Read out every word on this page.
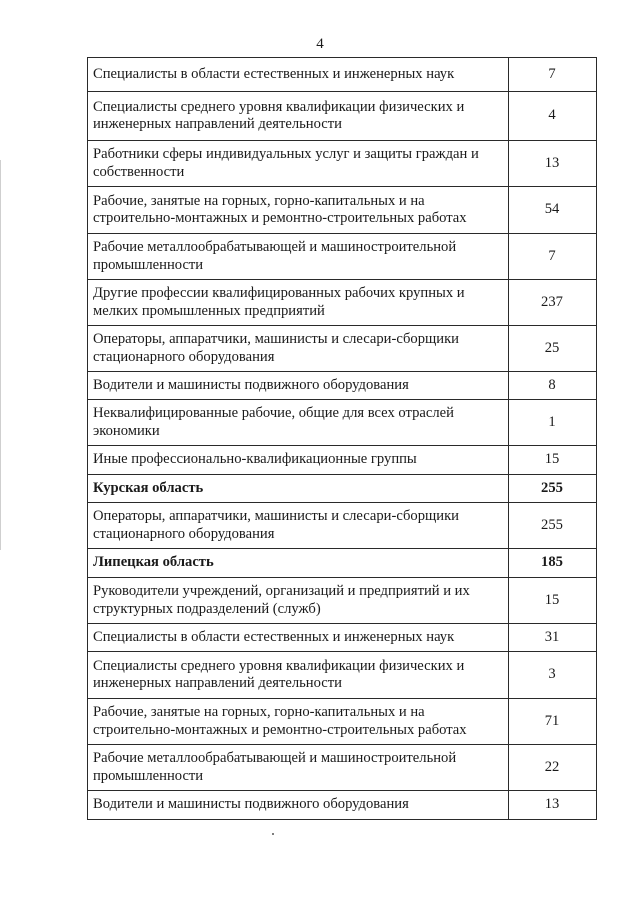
4
Специалисты в области естественных и инженерных наук	7
Специалисты среднего уровня квалификации физических и инженерных направлений деятельности	4
Работники сферы индивидуальных услуг и защиты граждан и собственности	13
Рабочие, занятые на горных, горно-капитальных и на строительно-монтажных и ремонтно-строительных работах	54
Рабочие металлообрабатывающей и машиностроительной промышленности	7
Другие профессии квалифицированных рабочих крупных и мелких промышленных предприятий	237
Операторы, аппаратчики, машинисты и слесари-сборщики стационарного оборудования	25
Водители и машинисты подвижного оборудования	8
Неквалифицированные рабочие, общие для всех отраслей экономики	1
Иные профессионально-квалификационные группы	15
Курская область	255
Операторы, аппаратчики, машинисты и слесари-сборщики стационарного оборудования	255
Липецкая область	185
Руководители учреждений, организаций и предприятий и их структурных подразделений (служб)	15
Специалисты в области естественных и инженерных наук	31
Специалисты среднего уровня квалификации физических и инженерных направлений деятельности	3
Рабочие, занятые на горных, горно-капитальных и на строительно-монтажных и ремонтно-строительных работах	71
Рабочие металлообрабатывающей и машиностроительной промышленности	22
Водители и машинисты подвижного оборудования	13
